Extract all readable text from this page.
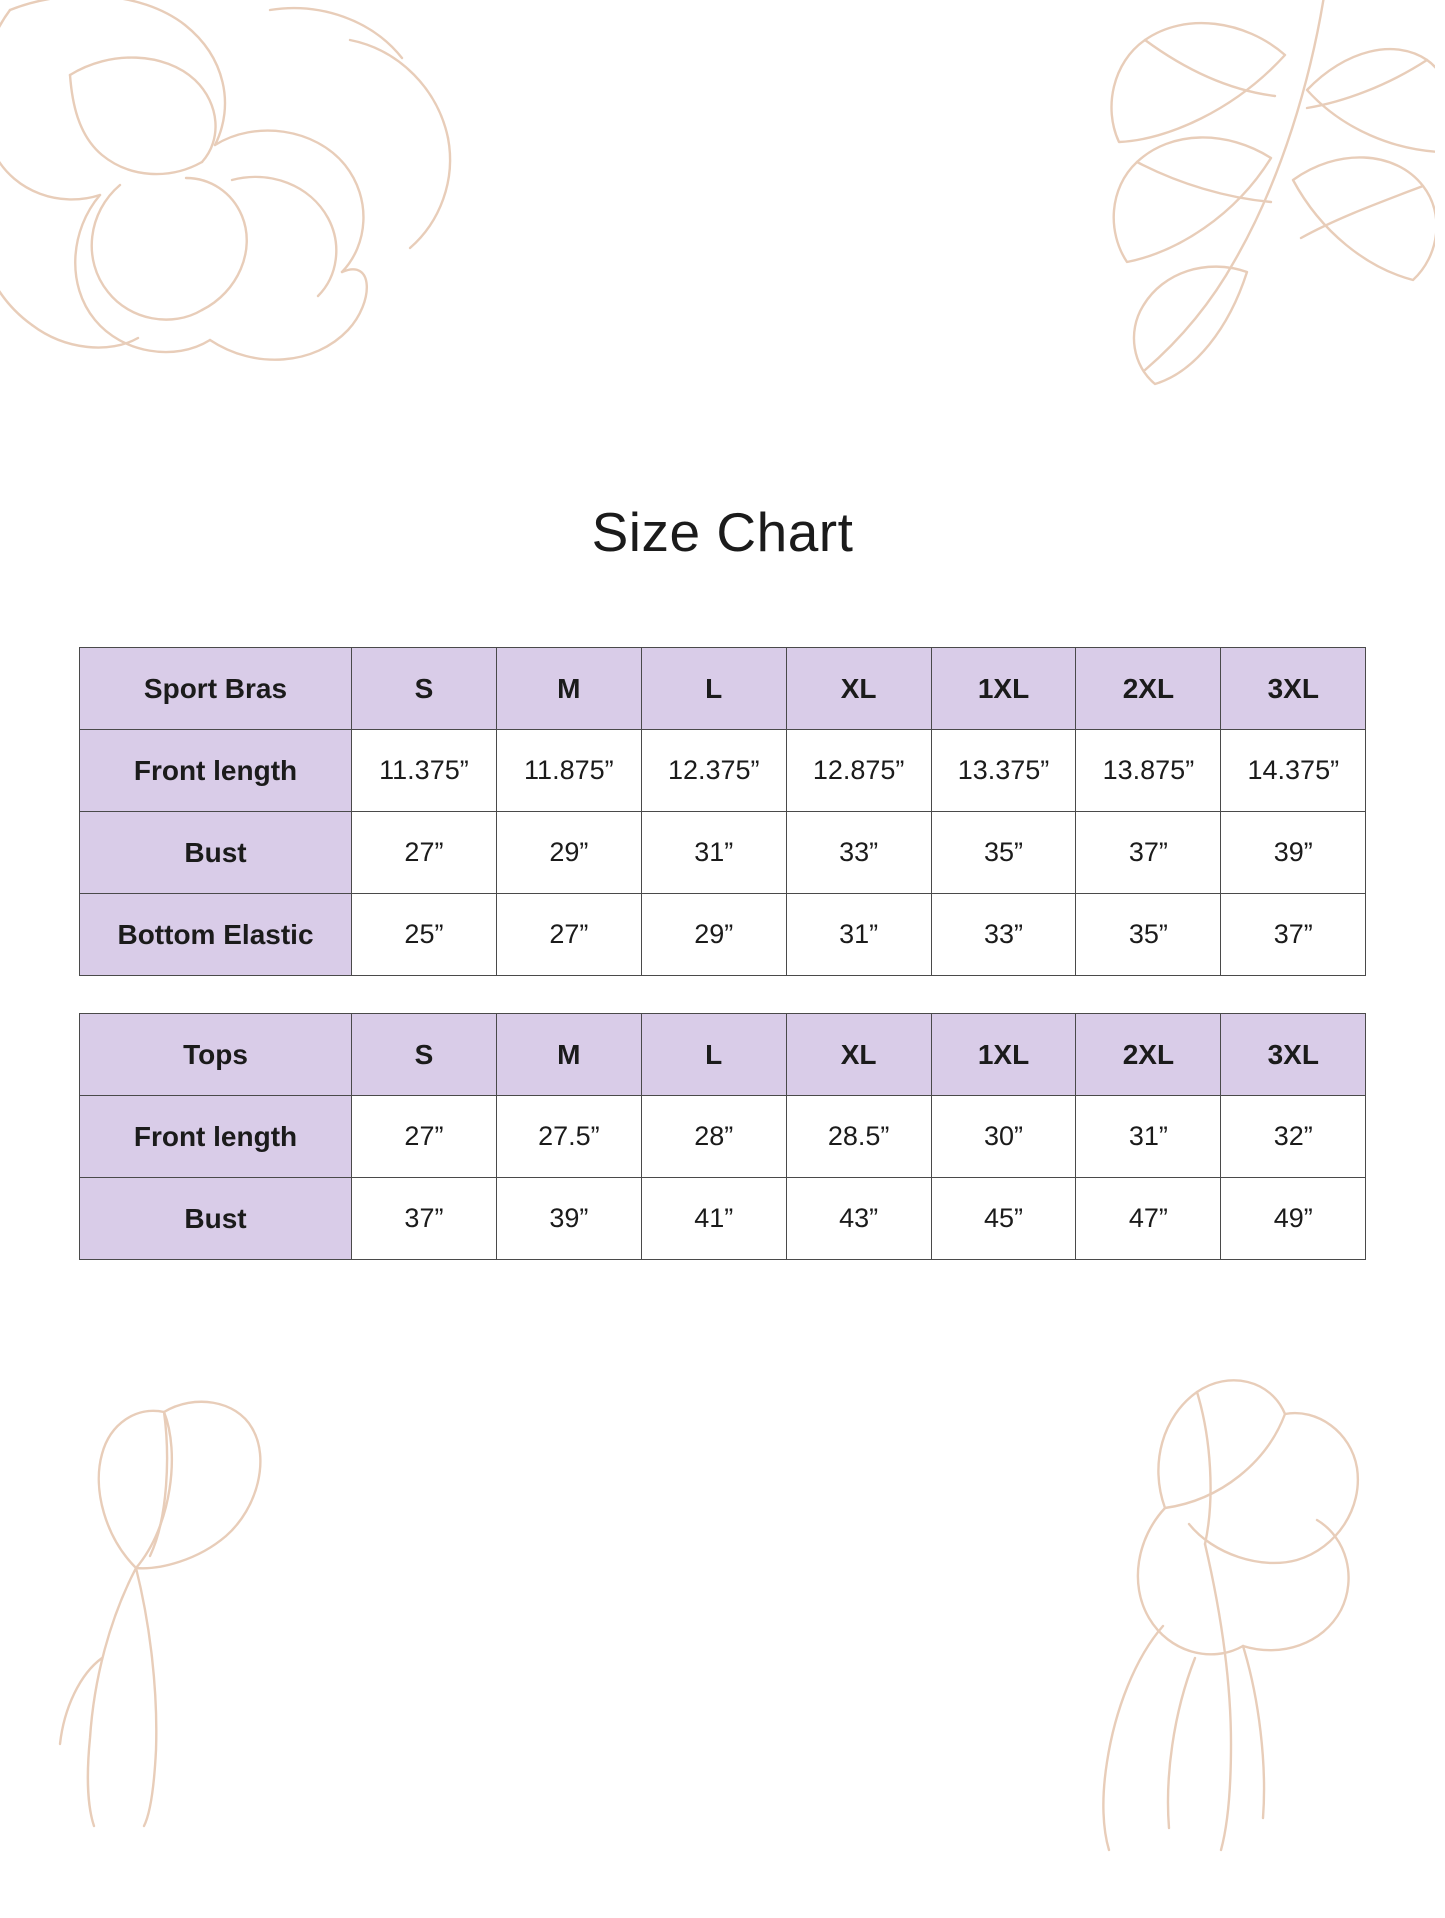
Size Chart
Sport Bras	S	M	L	XL	1XL	2XL	3XL
Front length	11.375”	11.875”	12.375”	12.875”	13.375”	13.875”	14.375”
Bust	27”	29”	31”	33”	35”	37”	39”
Bottom Elastic	25”	27”	29”	31”	33”	35”	37”
Tops	S	M	L	XL	1XL	2XL	3XL
Front length	27”	27.5”	28”	28.5”	30”	31”	32”
Bust	37”	39”	41”	43”	45”	47”	49”
